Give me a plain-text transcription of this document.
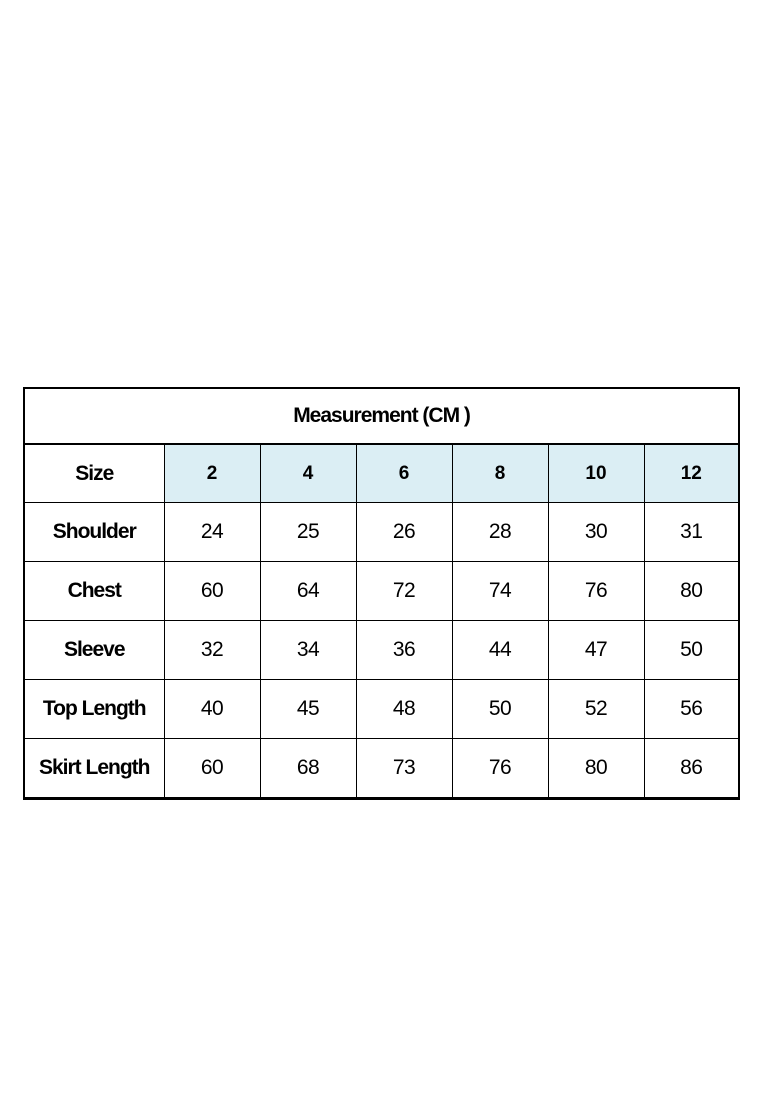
Measurement (CM )						
Size	2	4	6	8	10	12
Shoulder	24	25	26	28	30	31
Chest	60	64	72	74	76	80
Sleeve	32	34	36	44	47	50
Top Length	40	45	48	50	52	56
Skirt Length	60	68	73	76	80	86
